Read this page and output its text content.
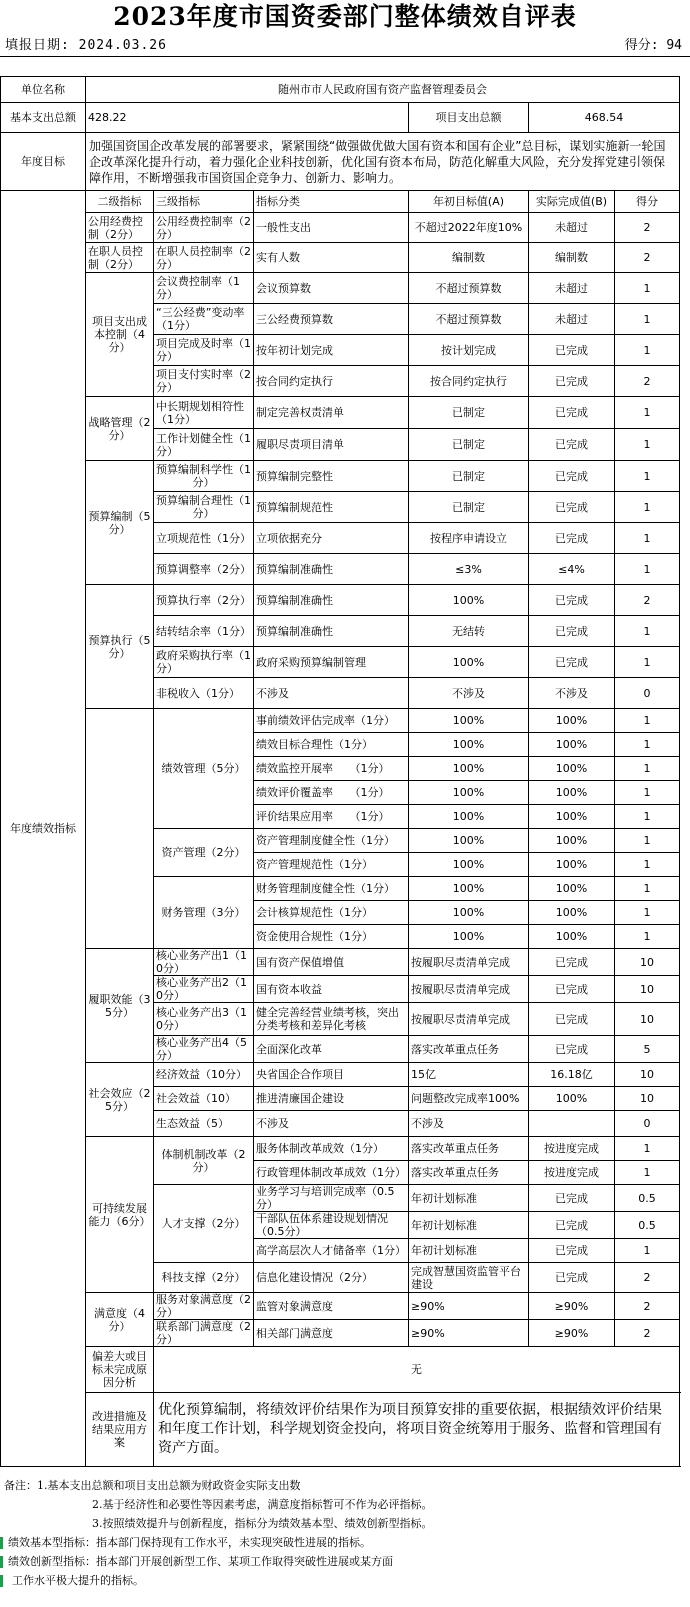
2023年度市国资委部门整体绩效自评表
填报日期: 2024.03.26	得分: 94
单位名称	随州市市人民政府国有资产监督管理委员会					
基本支出总额	428.22			项目支出总额	468.54	
年度目标	加强国资国企改革发展的部署要求，紧紧围绕“做强做优做大国有资本和国有企业”总目标，谋划实施新一轮国企改革深化提升行动，着力强化企业科技创新，优化国有资本布局，防范化解重大风险，充分发挥党建引领保障作用，不断增强我市国资国企竞争力、创新力、影响力。					
年度绩效指标	二级指标	三级指标	指标分类	年初目标值(A)	实际完成值(B)	得分
	公用经费控制（2分）	公用经费控制率（2分）	一般性支出	不超过2022年度10%	未超过	2
	在职人员控制（2分）	在职人员控制率（2分）	实有人数	编制数	编制数	2
	项目支出成本控制（4分）	会议费控制率（1分）	会议预算数	不超过预算数	未超过	1
		“三公经费”变动率（1分）	三公经费预算数	不超过预算数	未超过	1
		项目完成及时率（1分）	按年初计划完成	按计划完成	已完成	1
		项目支付实时率（2分）	按合同约定执行	按合同约定执行	已完成	2
	战略管理（2分）	中长期规划相符性（1分）	制定完善权责清单	已制定	已完成	1
		工作计划健全性（1分）	履职尽责项目清单	已制定	已完成	1
	预算编制（5分）	预算编制科学性（1分）	预算编制完整性	已制定	已完成	1
		预算编制合理性（1分）	预算编制规范性	已制定	已完成	1
		立项规范性（1分）	立项依据充分	按程序申请设立	已完成	1
		预算调整率（2分）	预算编制准确性	≤3%	≤4%	1
	预算执行（5分）	预算执行率（2分）	预算编制准确性	100%	已完成	2
		结转结余率（1分）	预算编制准确性	无结转	已完成	1
		政府采购执行率（1分）	政府采购预算编制管理	100%	已完成	1
		非税收入（1分）	不涉及	不涉及	不涉及	0
		绩效管理（5分）	事前绩效评估完成率（1分）	100%	100%	1
			绩效目标合理性（1分）	100%	100%	1
			绩效监控开展率　　（1分）	100%	100%	1
			绩效评价覆盖率　　（1分）	100%	100%	1
			评价结果应用率　　（1分）	100%	100%	1
		资产管理（2分）	资产管理制度健全性（1分）	100%	100%	1
			资产管理规范性（1分）	100%	100%	1
		财务管理（3分）	财务管理制度健全性（1分）	100%	100%	1
			会计核算规范性（1分）	100%	100%	1
			资金使用合规性（1分）	100%	100%	1
	履职效能（35分）	核心业务产出1（10分）	国有资产保值增值	按履职尽责清单完成	已完成	10
		核心业务产出2（10分）	国有资本收益	按履职尽责清单完成	已完成	10
		核心业务产出3（10分）	健全完善经营业绩考核，突出分类考核和差异化考核	按履职尽责清单完成	已完成	10
		核心业务产出4（5分）	全面深化改革	落实改革重点任务	已完成	5
	社会效应（25分）	经济效益（10分）	央省国企合作项目	15亿	16.18亿	10
		社会效益（10）	推进清廉国企建设	问题整改完成率100%	100%	10
		生态效益（5）	不涉及	不涉及		0
	可持续发展能力（6分）	体制机制改革（2分）	服务体制改革成效（1分）	落实改革重点任务	按进度完成	1
			行政管理体制改革成效（1分）	落实改革重点任务	按进度完成	1
		人才支撑（2分）	业务学习与培训完成率（0.5分）	年初计划标准	已完成	0.5
			干部队伍体系建设规划情况（0.5分）	年初计划标准	已完成	0.5
			高学高层次人才储备率（1分）	年初计划标准	已完成	1
		科技支撑（2分）	信息化建设情况（2分）	完成智慧国资监管平台建设	已完成	2
	满意度（4分）	服务对象满意度（2分）	监管对象满意度	≥90%	≥90%	2
		联系部门满意度（2分）	相关部门满意度	≥90%	≥90%	2
	偏差大或目标未完成原因分析	无				
	改进措施及结果应用方案	优化预算编制，将绩效评价结果作为项目预算安排的重要依据，根据绩效评价结果和年度工作计划，科学规划资金投向，将项目资金统筹用于服务、监督和管理国有资产方面。				
备注：1.基本支出总额和项目支出总额为财政资金实际支出数
2.基于经济性和必要性等因素考虑，满意度指标暂可不作为必评指标。
3.按照绩效提升与创新程度，指标分为绩效基本型、绩效创新型指标。
绩效基本型指标：指本部门保持现有工作水平，未实现突破性进展的指标。
绩效创新型指标：指本部门开展创新型工作、某项工作取得突破性进展或某方面
工作水平极大提升的指标。
